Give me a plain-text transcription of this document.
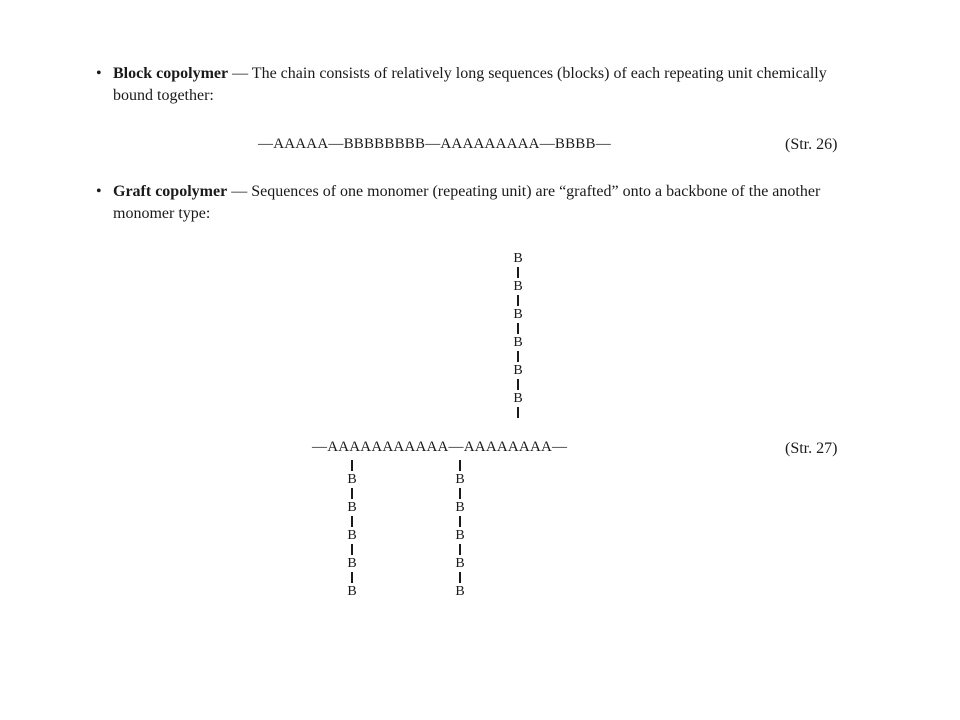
• Block copolymer — The chain consists of relatively long sequences (blocks) of each repeating unit chemically bound together:
—AAAAA—BBBBBBBB—AAAAAAAAA—BBBB—	(Str. 26)
• Graft copolymer — Sequences of one monomer (repeating unit) are “grafted” onto a backbone of the another monomer type:
B
B
B
B
B
B
—AAAAAAAAAAA—AAAAAAAA—	(Str. 27)
B
B
B
B
B
B
B
B
B
B
